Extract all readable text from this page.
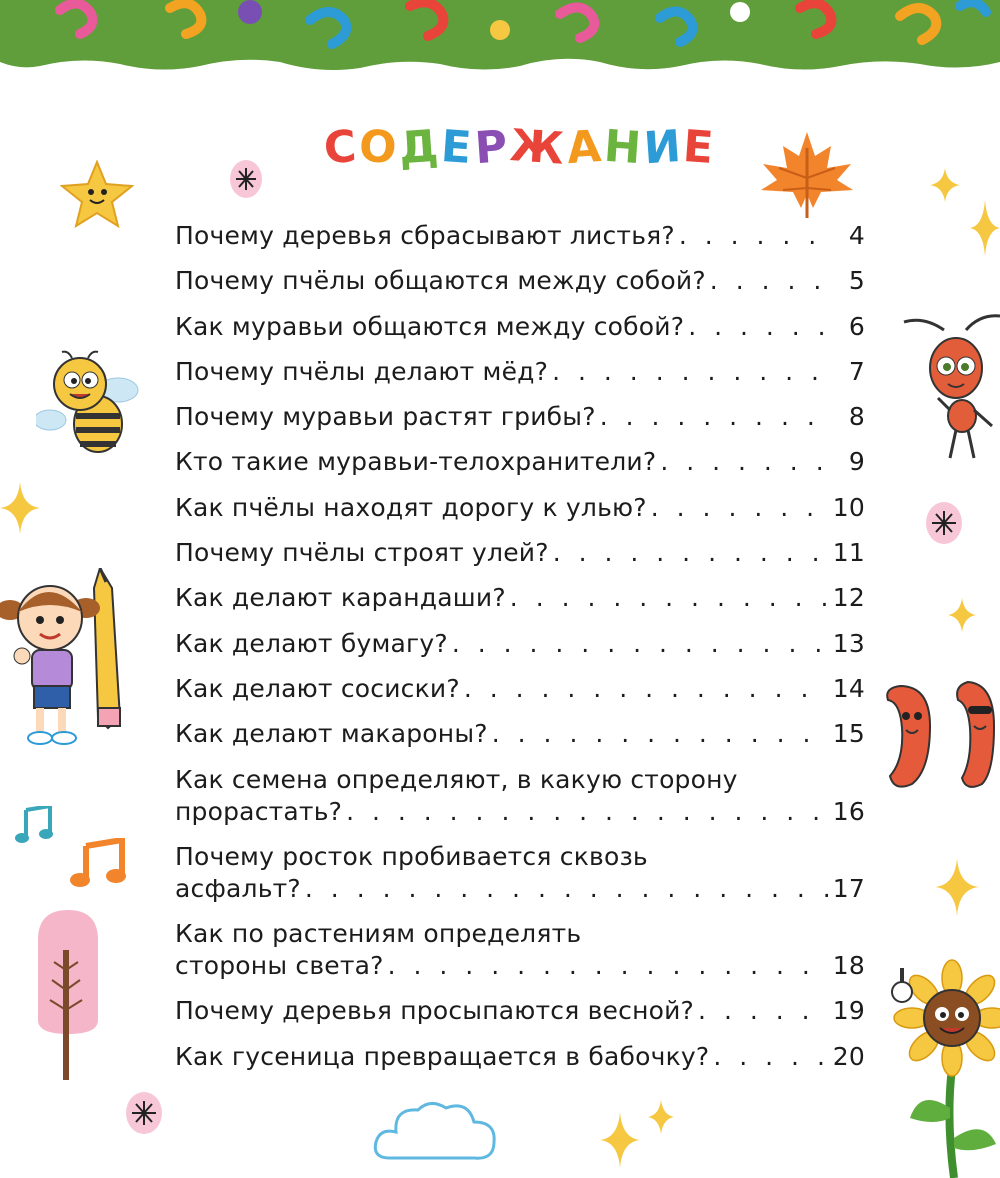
СОДЕРЖАНИЕ
Почему деревья сбрасывают листья? . . .	4
Почему пчёлы общаются между собой? . . .	5
Как муравьи общаются между собой? . . .	6
Почему пчёлы делают мёд? . . .	7
Почему муравьи растят грибы? . . .	8
Кто такие муравьи-телохранители? . . .	9
Как пчёлы находят дорогу к улью? . . .	10
Почему пчёлы строят улей? . . .	11
Как делают карандаши? . . .	12
Как делают бумагу? . . .	13
Как делают сосиски? . . .	14
Как делают макароны? . . .	15
Как семена определяют, в какую сторону
прорастать? . . .	16
Почему росток пробивается сквозь
асфальт? . . .	17
Как по растениям определять
стороны света? . . .	18
Почему деревья просыпаются весной? . . .	19
Как гусеница превращается в бабочку? . . .	20
